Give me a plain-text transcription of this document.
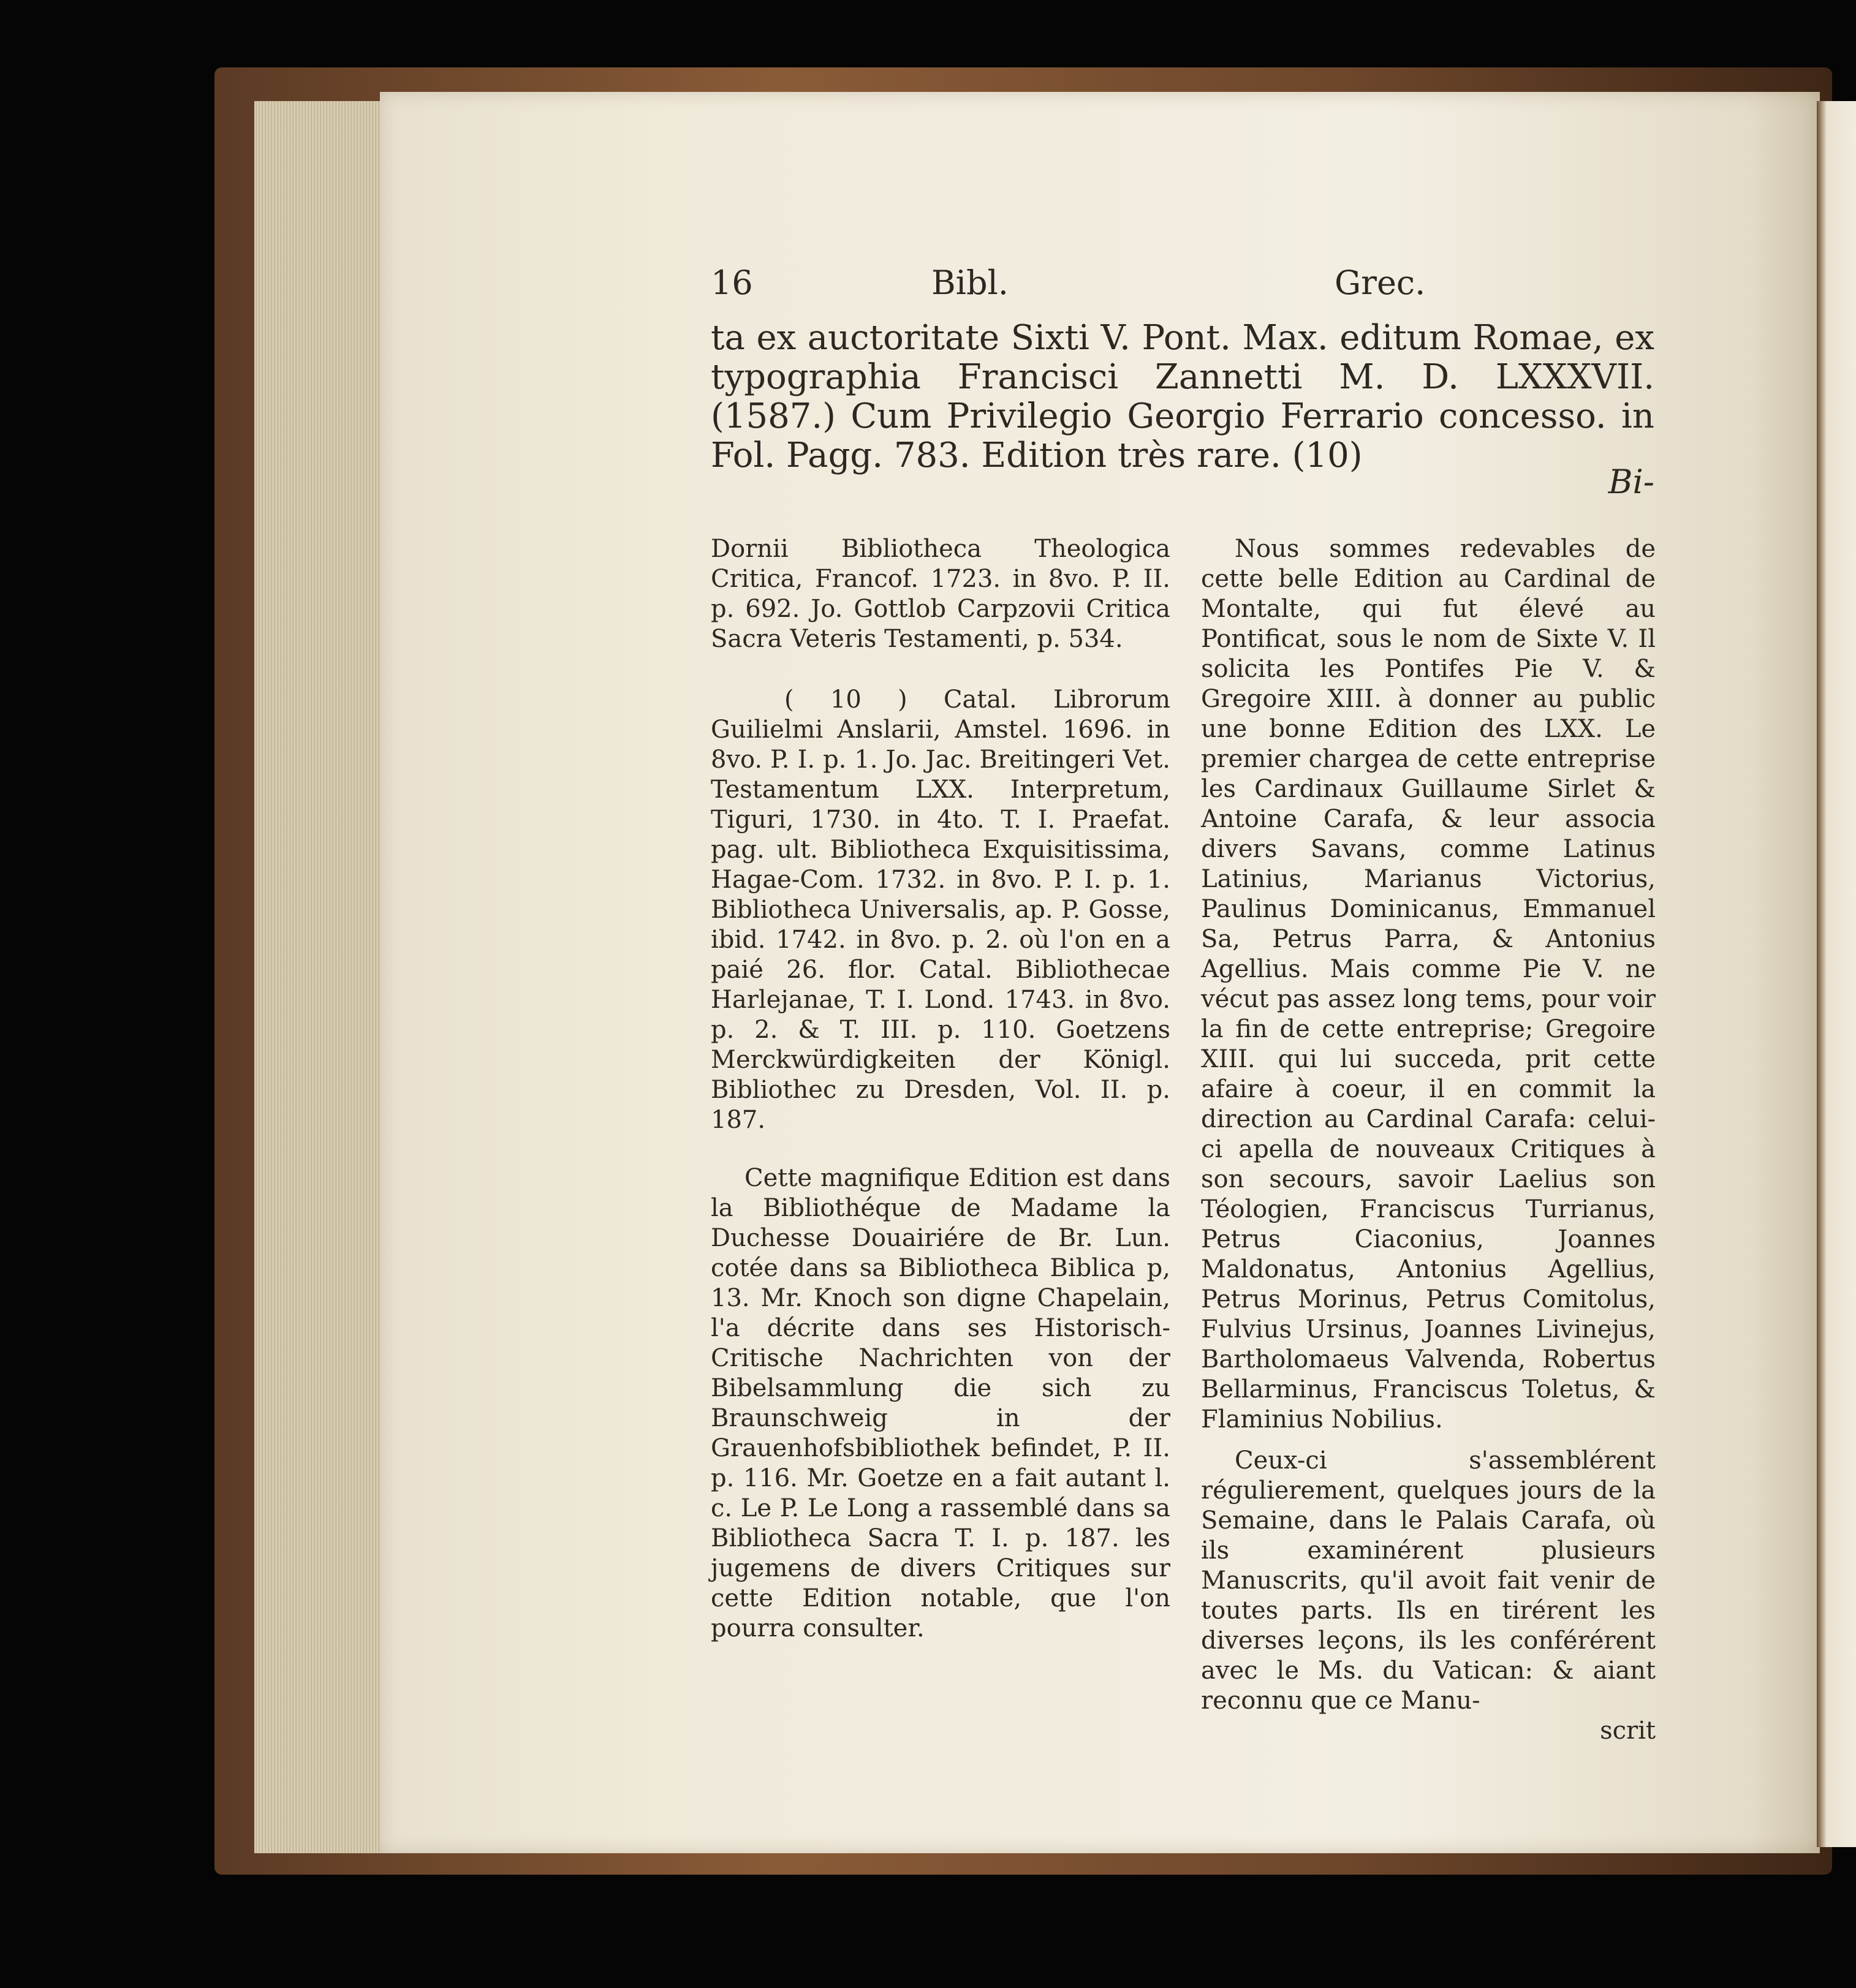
16	Bibl.	Grec.
ta ex auctoritate Sixti V. Pont. Max. editum Romae, ex typographia Francisci Zannetti M. D. LXXXVII. (1587.) Cum Privilegio Georgio Ferrario concesso. in Fol. Pagg. 783. Edition très rare. (10)
Bi-

Dornii Bibliotheca Theologica Critica, Francof. 1723. in 8vo. P. II. p. 692. Jo. Gottlob Carpzovii Critica Sacra Veteris Testamenti, p. 534.

( 10 ) Catal. Librorum Guilielmi Anslarii, Amstel. 1696. in 8vo. P. I. p. 1. Jo. Jac. Breitingeri Vet. Testamentum LXX. Interpretum, Tiguri, 1730. in 4to. T. I. Praefat. pag. ult. Bibliotheca Exquisitissima, Hagae-Com. 1732. in 8vo. P. I. p. 1. Bibliotheca Universalis, ap. P. Gosse, ibid. 1742. in 8vo. p. 2. où l'on en a paié 26. flor. Catal. Bibliothecae Harlejanae, T. I. Lond. 1743. in 8vo. p. 2. & T. III. p. 110. Goetzens Merckwürdigkeiten der Königl. Bibliothec zu Dresden, Vol. II. p. 187.

Cette magnifique Edition est dans la Bibliothéque de Madame la Duchesse Douairiére de Br. Lun. cotée dans sa Bibliotheca Biblica p, 13. Mr. Knoch son digne Chapelain, l'a décrite dans ses Historisch-Critische Nachrichten von der Bibelsammlung die sich zu Braunschweig in der Grauenhofsbibliothek befindet, P. II. p. 116. Mr. Goetze en a fait autant l. c. Le P. Le Long a rassemblé dans sa Bibliotheca Sacra T. I. p. 187. les jugemens de divers Critiques sur cette Edition notable, que l'on pourra consulter.

Nous sommes redevables de cette belle Edition au Cardinal de Montalte, qui fut élevé au Pontificat, sous le nom de Sixte V. Il solicita les Pontifes Pie V. & Gregoire XIII. à donner au public une bonne Edition des LXX. Le premier chargea de cette entreprise les Cardinaux Guillaume Sirlet & Antoine Carafa, & leur associa divers Savans, comme Latinus Latinius, Marianus Victorius, Paulinus Dominicanus, Emmanuel Sa, Petrus Parra, & Antonius Agellius. Mais comme Pie V. ne vécut pas assez long tems, pour voir la fin de cette entreprise; Gregoire XIII. qui lui succeda, prit cette afaire à coeur, il en commit la direction au Cardinal Carafa: celui-ci apella de nouveaux Critiques à son secours, savoir Laelius son Téologien, Franciscus Turrianus, Petrus Ciaconius, Joannes Maldonatus, Antonius Agellius, Petrus Morinus, Petrus Comitolus, Fulvius Ursinus, Joannes Livinejus, Bartholomaeus Valvenda, Robertus Bellarminus, Franciscus Toletus, & Flaminius Nobilius.

Ceux-ci s'assemblérent régulierement, quelques jours de la Semaine, dans le Palais Carafa, où ils examinérent plusieurs Manuscrits, qu'il avoit fait venir de toutes parts. Ils en tirérent les diverses leçons, ils les conférérent avec le Ms. du Vatican: & aiant reconnu que ce Manu-

scrit
